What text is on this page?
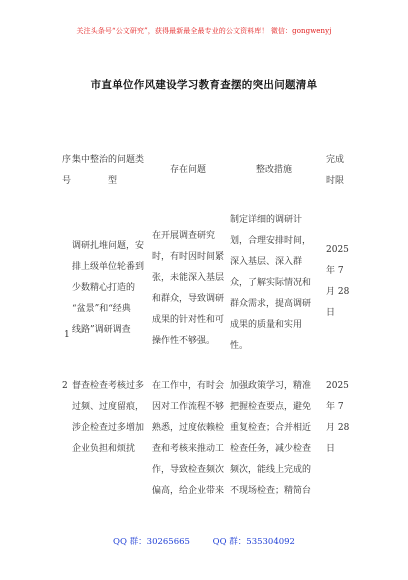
关注头条号“公文研究”，获得最新最全最专业的公文资料库！ 微信：gongwenyj
市直单位作风建设学习教育查摆的突出问题清单
序
号
集中整治的问题类
型
存在问题	整改措施
完成
时限
1
调研扎堆问题，安
排上级单位轮番到
少数精心打造的
“盆景”和“经典
线路”调研调查
在开展调查研究
时，有时因时间紧
张，未能深入基层
和群众，导致调研
成果的针对性和可
操作性不够强。
制定详细的调研计
划，合理安排时间，
深入基层、深入群
众，了解实际情况和
群众需求，提高调研
成果的质量和实用
性。
2025
年 7
月 28
日
2 督查检查考核过多
过频、过度留痕，
涉企检查过多增加
企业负担和烦扰
在工作中，有时会
因对工作流程不够
熟悉，过度依赖检
查和考核来推动工
作，导致检查频次
偏高，给企业带来
加强政策学习，精准
把握检查要点，避免
重复检查；合并相近
检查任务，减少检查
频次，能线上完成的
不现场检查；精简台
2025
年 7
月 28
日
QQ 群：30265665	QQ 群：535304092
